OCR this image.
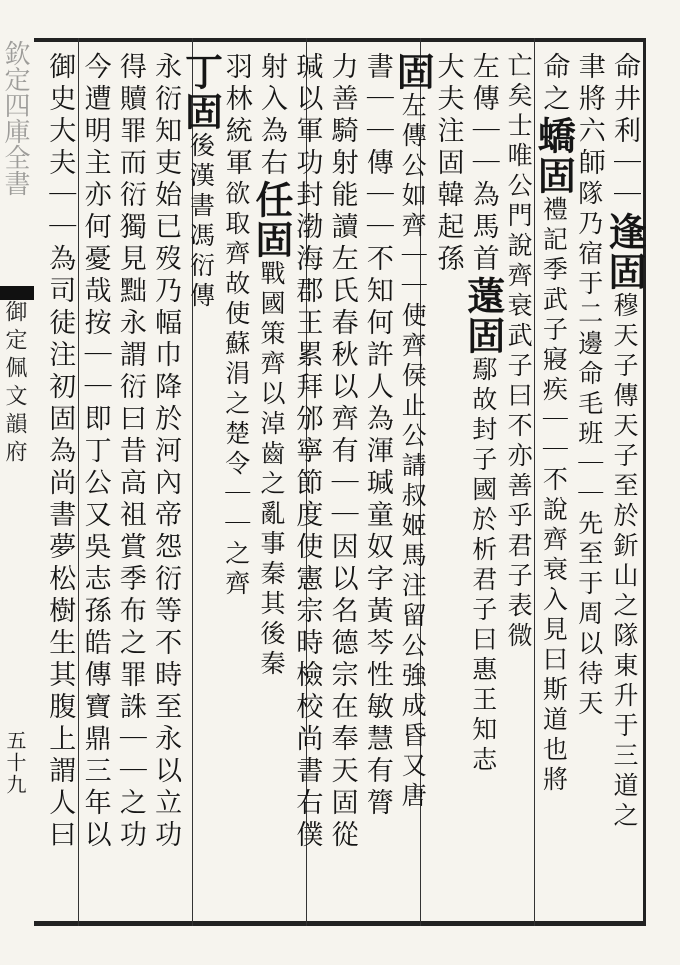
欽定四庫全書
御定佩文韻府
五十九
命井利｜｜逢固穆天子傳天子至於釿山之隊東升于三道之
聿將六師隊乃宿于二邊命毛班｜｜先至于周以待天
命之蟜固禮記季武子寢疾｜｜不說齊衰入見曰斯道也將
亡矣士唯公門說齊衰武子曰不亦善乎君子表微
左傳｜｜為馬首薳固鄢故封子國於析君子曰惠王知志
大夫注固韓起孫
固左傳公如齊｜｜使齊侯止公請叔姬馬注留公強成昏又唐
書｜｜傳｜｜不知何許人為渾瑊童奴字黃芩性敏慧有膂
力善騎射能讀左氏春秋以齊有｜｜因以名德宗在奉天固從
瑊以軍功封渤海郡王累拜邠寧節度使憲宗時檢校尚書右僕
射入為右任固戰國策齊以淖齒之亂事秦其後秦
羽林統軍欲取齊故使蘇涓之楚令｜｜之齊
丁固後漢書馮衍傳
永衍知吏始已歿乃幅巾降於河內帝怨衍等不時至永以立功
得贖罪而衍獨見黜永謂衍曰昔高祖賞季布之罪誅｜｜之功
今遭明主亦何憂哉按｜｜即丁公又吳志孫皓傳寶鼎三年以
御史大夫｜｜為司徒注初固為尚書夢松樹生其腹上謂人曰
